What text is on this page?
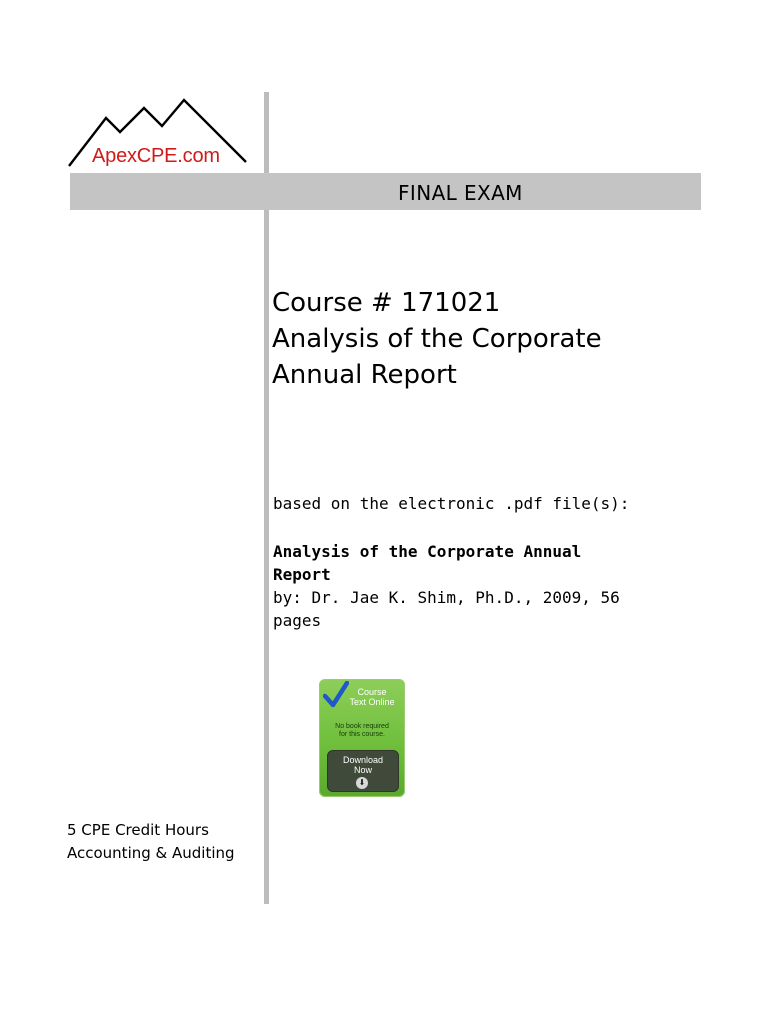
ApexCPE.com
FINAL EXAM
Course # 171021
Analysis of the Corporate
Annual Report
based on the electronic .pdf file(s):
Analysis of the Corporate Annual
Report
by: Dr. Jae K. Shim, Ph.D., 2009, 56
pages
Course
Text Online
No book required
for this course.
Download
Now
⬇
5 CPE Credit Hours
Accounting & Auditing
